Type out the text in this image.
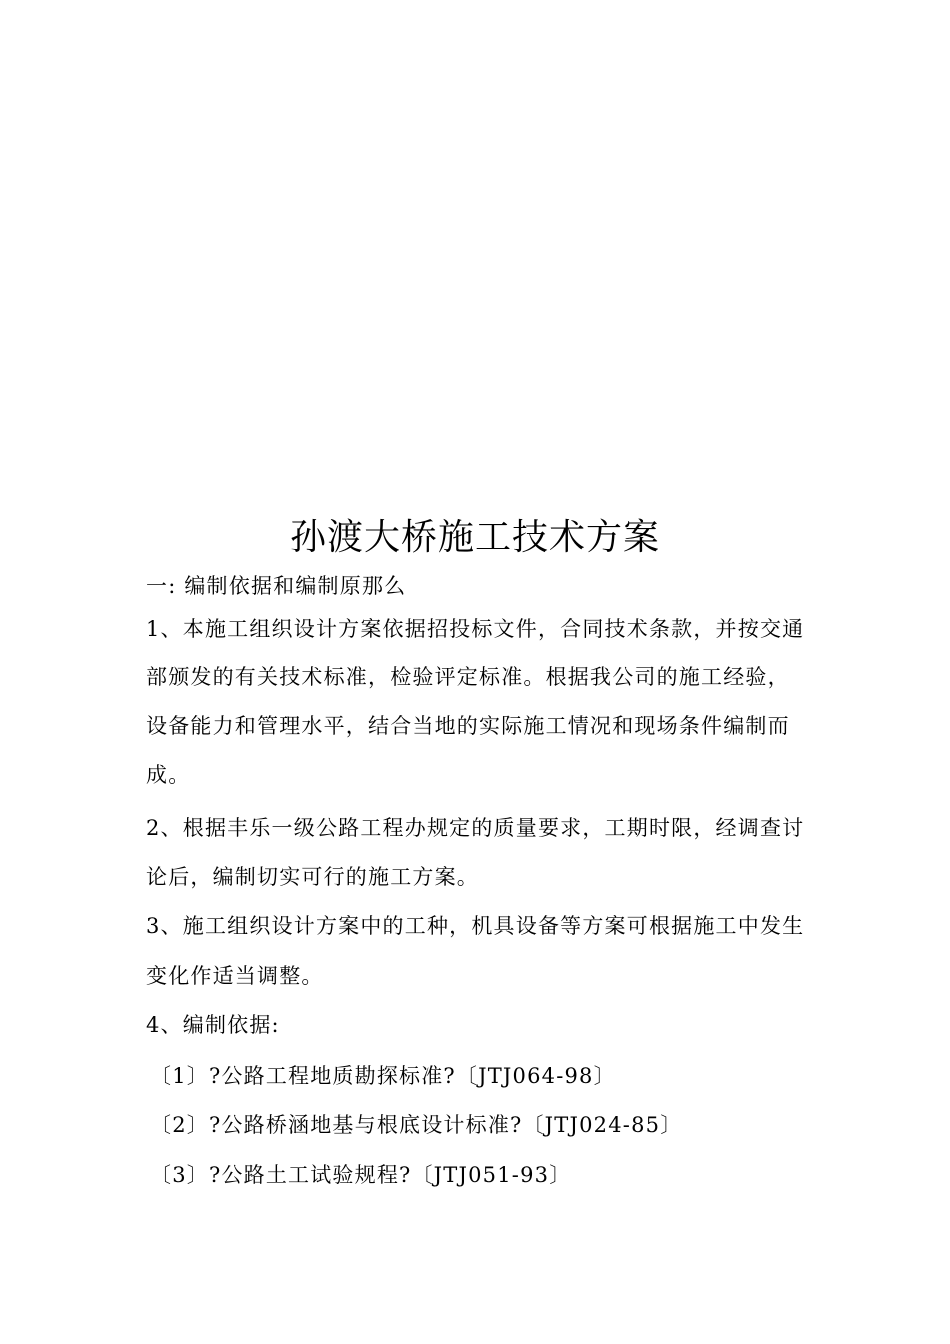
孙渡大桥施工技术方案
一: 编制依据和编制原那么
1、本施工组织设计方案依据招投标文件，合同技术条款，并按交通
部颁发的有关技术标准，检验评定标准。根据我公司的施工经验，
设备能力和管理水平，结合当地的实际施工情况和现场条件编制而
成。
2、根据丰乐一级公路工程办规定的质量要求，工期时限，经调查讨
论后，编制切实可行的施工方案。
3、施工组织设计方案中的工种，机具设备等方案可根据施工中发生
变化作适当调整。
4、编制依据:
〔1〕?公路工程地质勘探标准?〔JTJ064-98〕
〔2〕?公路桥涵地基与根底设计标准?〔JTJ024-85〕
〔3〕?公路土工试验规程?〔JTJ051-93〕
